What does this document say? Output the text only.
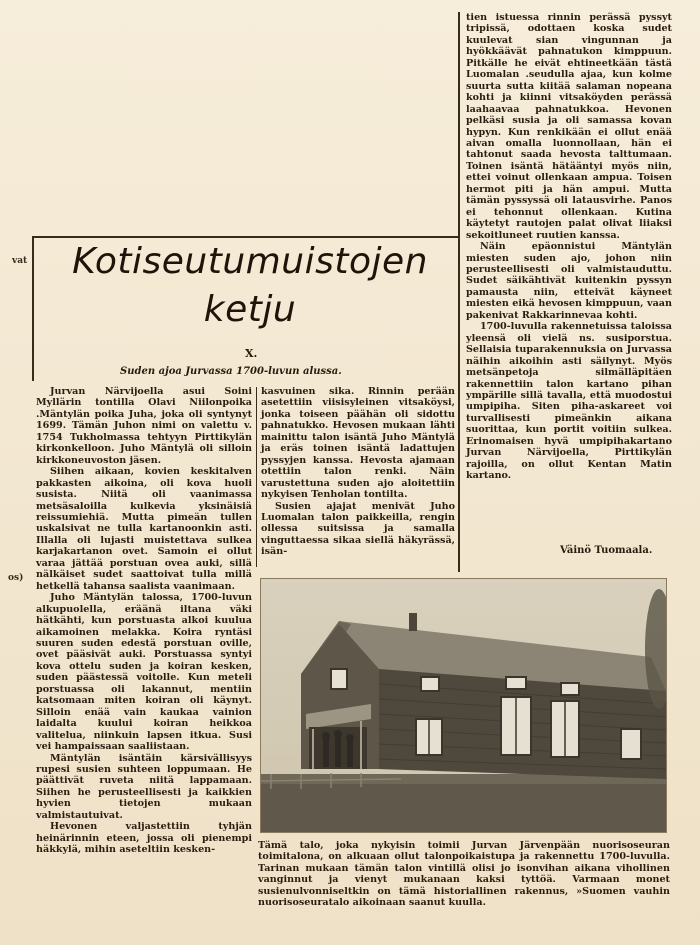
vat
os)
Kotiseutumuistojen
ketju
X.
Suden ajoa Jurvassa 1700-luvun alussa.

Jurvan Närvijoella asui Soini Myllärin tontilla Olavi Niilonpoika .Mäntylän poika Juha, joka oli syntynyt 1699. Tämän Juhon nimi on valettu v. 1754 Tukholmassa tehtyyn Pirttikylän kirkonkelloon. Juho Mäntylä oli silloin kirkkoneuvoston jäsen.

Siihen aikaan, kovien keskitalven pakkasten aikoina, oli kova huoli susista. Niitä oli vaanimassa metsäsaloilla kulkevia yksinäisiä reissumiehiä. Mutta pimeän tullen uskalsivat ne tulla kartanoonkin asti. Illalla oli lujasti muistettava sulkea karjakartanon ovet. Samoin ei ollut varaa jättää porstuan ovea auki, sillä nälkäiset sudet saattoivat tulla millä hetkellä tahansa saalista vaanimaan.

Juho Mäntylän talossa, 1700-luvun alkupuolella, eräänä iltana väki hätkähti, kun porstuasta alkoi kuulua aikamoinen melakka. Koira ryntäsi suuren suden edestä porstuan oville, ovet pääsivät auki. Porstuassa syntyi kova ottelu suden ja koiran kesken, suden päästessä voitolle. Kun meteli porstuassa oli lakannut, mentiin katsomaan miten koiran oli käynyt. Silloin enää vain kaukaa vainion laidalta kuului koiran heikkoa valitelua, niinkuin lapsen itkua. Susi vei hampaissaan saaliistaan.

Mäntylän isäntäin kärsivällisyys rupesi susien suhteen loppumaan. He päättivät ruveta niitä lappamaan. Siihen he perusteellisesti ja kaikkien hyvien tietojen mukaan valmistautuivat.

Hevonen valjastettiin tyhjän heinärinnin eteen, jossa oli pienempi häkkylä, mihin aseteltiin kesken-

kasvuinen sika. Rinnin perään asetettiin viisisyleinen vitsaköysi, jonka toiseen päähän oli sidottu pahnatukko. Hevosen mukaan lähti mainittu talon isäntä Juho Mäntylä ja eräs toinen isäntä ladattujen pyssyjen kanssa. Hevosta ajamaan otettiin talon renki. Näin varustettuna suden ajo aloitettiin nykyisen Tenholan tontilta.

Susien ajajat menivät Juho Luomalan talon paikkeilla, rengin ollessa suitsissa ja samalla vinguttaessa sikaa siellä häkyrässä, isän-

tien istuessa rinnin perässä pyssyt tripissä, odottaen koska sudet kuulevat sian vingunnan ja hyökkäävät pahnatukon kimppuun. Pitkälle he eivät ehtineetkään tästä Luomalan .seudulla ajaa, kun kolme suurta sutta kiitää salaman nopeana kohti ja kiinni vitsaköyden perässä laahaavaa pahnatukkoa. Hevonen pelkäsi susia ja oli samassa kovan hypyn. Kun renkikään ei ollut enää aivan omalla luonnollaan, hän ei tahtonut saada hevosta talttumaan. Toinen isäntä hätääntyi myös niin, ettei voinut ollenkaan ampua. Toisen hermot piti ja hän ampui. Mutta tämän pyssyssä oli latausvirhe. Panos ei tehonnut ollenkaan. Kutina käytetyt rautojen palat olivat liiaksi sekoitluneet ruutien kanssa.

Näin epäonnistui Mäntylän miesten suden ajo, johon niin perusteellisesti oli valmistauduttu. Sudet säikähtivät kuitenkin pyssyn pamausta niin, etteivät käyneet miesten eikä hevosen kimppuun, vaan pakenivat Rakkarinnevaa kohti.

1700-luvulla rakennetuissa taloissa yleensä oli vielä ns. susiporstua. Sellaisia tuparakennuksia on Jurvassa näihin aikoihin asti säilynyt. Myös metsänpetoja silmälläpitäen rakennettiin talon kartano pihan ympärille sillä tavalla, että muodostui umpipiha. Siten piha-askareet voi turvallisesti pimeänkin aikana suorittaa, kun portit voitiin sulkea. Erinomaisen hyvä umpipihakartano Jurvan Närvijoella, Pirttikylän rajoilla, on ollut Kentan Matin kartano.

Väinö Tuomaala.
Tämä talo, joka nykyisin toimii Jurvan Järvenpään nuorisoseuran toimitalona, on alkuaan ollut talonpoikaistupa ja rakennettu 1700-luvulla. Tarinan mukaan tämän talon vintillä olisi jo isonvihan aikana vihollinen vanginnut ja vienyt mukanaan kaksi tyttöä. Varmaan monet susienulvonniseltkin on tämä historiallinen rakennus, »Suomen vauhin nuorisoseuratalo aikoinaan saanut kuulla.
